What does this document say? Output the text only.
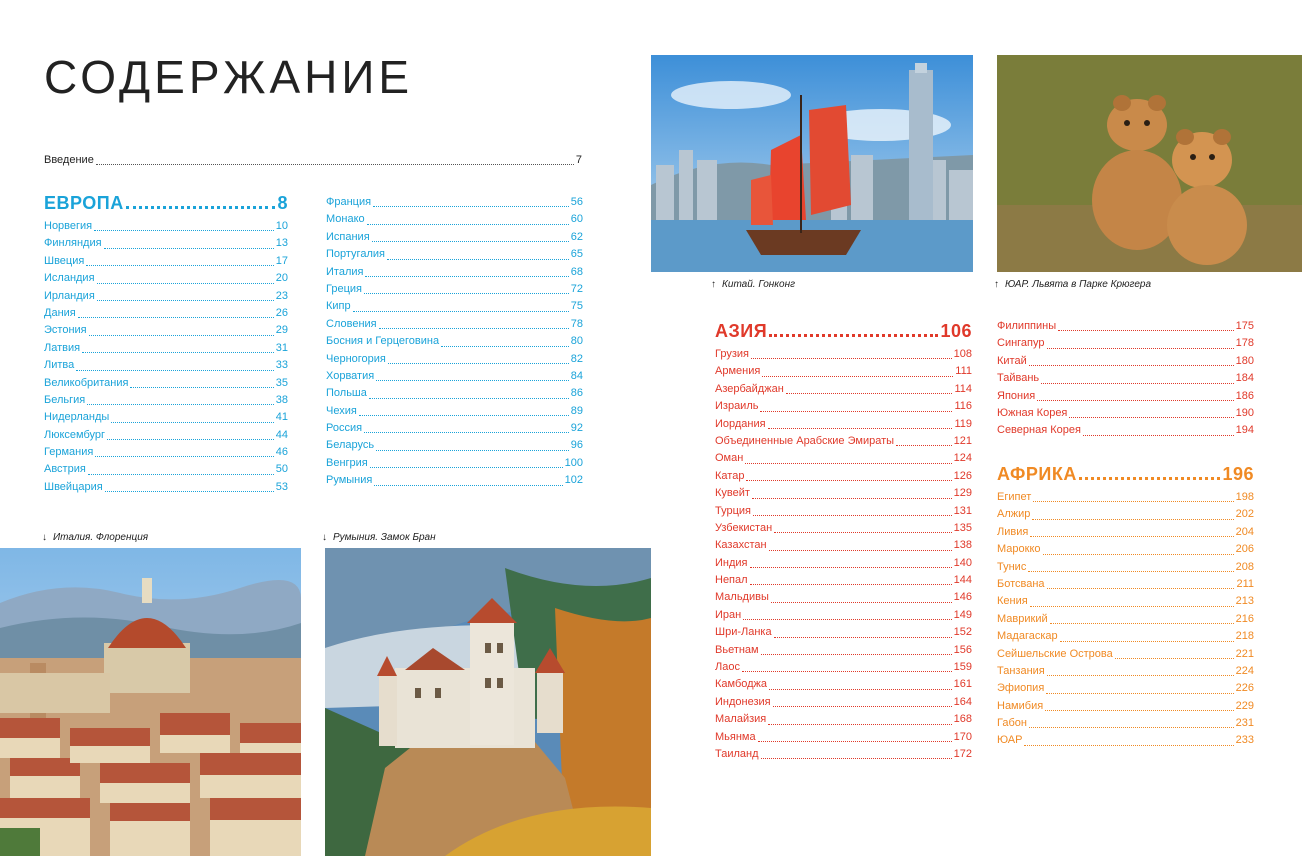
СОДЕРЖАНИЕ
Введение	7
ЕВРОПА	8
Норвегия	10
Финляндия	13
Швеция	17
Исландия	20
Ирландия	23
Дания	26
Эстония	29
Латвия	31
Литва	33
Великобритания	35
Бельгия	38
Нидерланды	41
Люксембург	44
Германия	46
Австрия	50
Швейцария	53
Франция	56
Монако	60
Испания	62
Португалия	65
Италия	68
Греция	72
Кипр	75
Словения	78
Босния и Герцеговина	80
Черногория	82
Хорватия	84
Польша	86
Чехия	89
Россия	92
Беларусь	96
Венгрия	100
Румыния	102
↓ Италия. Флоренция	↓ Румыния. Замок Бран
↑ Китай. Гонконг	↑ ЮАР. Львята в Парке Крюгера
АЗИЯ	106
Грузия	108
Армения	111
Азербайджан	114
Израиль	116
Иордания	119
Объединенные Арабские Эмираты	121
Оман	124
Катар	126
Кувейт	129
Турция	131
Узбекистан	135
Казахстан	138
Индия	140
Непал	144
Мальдивы	146
Иран	149
Шри-Ланка	152
Вьетнам	156
Лаос	159
Камбоджа	161
Индонезия	164
Малайзия	168
Мьянма	170
Таиланд	172
Филиппины	175
Сингапур	178
Китай	180
Тайвань	184
Япония	186
Южная Корея	190
Северная Корея	194
АФРИКА	196
Египет	198
Алжир	202
Ливия	204
Марокко	206
Тунис	208
Ботсвана	211
Кения	213
Маврикий	216
Мадагаскар	218
Сейшельские Острова	221
Танзания	224
Эфиопия	226
Намибия	229
Габон	231
ЮАР	233
